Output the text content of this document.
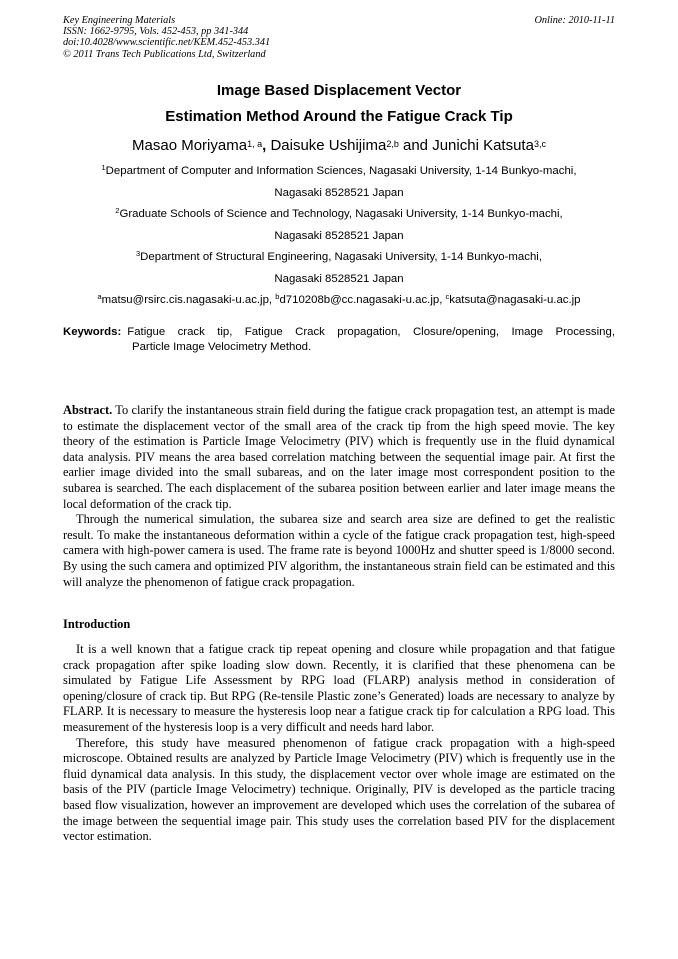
Key Engineering Materials
ISSN: 1662-9795, Vols. 452-453, pp 341-344
doi:10.4028/www.scientific.net/KEM.452-453.341
© 2011 Trans Tech Publications Ltd, Switzerland
Online: 2010-11-11
Image Based Displacement Vector
Estimation Method Around the Fatigue Crack Tip
Masao Moriyama$^{1, a}$, Daisuke Ushijima$^{2,b}$ and Junichi Katsuta$^{3,c}$
$^1$Department of Computer and Information Sciences, Nagasaki University, 1-14 Bunkyo-machi,
Nagasaki 8528521 Japan
$^2$Graduate Schools of Science and Technology, Nagasaki University, 1-14 Bunkyo-machi,
Nagasaki 8528521 Japan
$^3$Department of Structural Engineering, Nagasaki University, 1-14 Bunkyo-machi,
Nagasaki 8528521 Japan
$^a$matsu@rsirc.cis.nagasaki-u.ac.jp, $^b$d710208b@cc.nagasaki-u.ac.jp, $^c$katsuta@nagasaki-u.ac.jp
Keywords: Fatigue crack tip, Fatigue Crack propagation, Closure/opening, Image Processing,
Particle Image Velocimetry Method.

Abstract. To clarify the instantaneous strain field during the fatigue crack propagation test, an attempt is made to estimate the displacement vector of the small area of the crack tip from the high speed movie. The key theory of the estimation is Particle Image Velocimetry (PIV) which is frequently use in the fluid dynamical data analysis. PIV means the area based correlation matching between the sequential image pair. At first the earlier image divided into the small subareas, and on the later image most correspondent position to the subarea is searched. The each displacement of the subarea position between earlier and later image means the local deformation of the crack tip.

Through the numerical simulation, the subarea size and search area size are defined to get the realistic result. To make the instantaneous deformation within a cycle of the fatigue crack propagation test, high-speed camera with high-power camera is used. The frame rate is beyond 1000Hz and shutter speed is 1/8000 second. By using the such camera and optimized PIV algorithm, the instantaneous strain field can be estimated and this will analyze the phenomenon of fatigue crack propagation.

Introduction

It is a well known that a fatigue crack tip repeat opening and closure while propagation and that fatigue crack propagation after spike loading slow down. Recently, it is clarified that these phenomena can be simulated by Fatigue Life Assessment by RPG load (FLARP) analysis method in consideration of opening/closure of crack tip. But RPG (Re-tensile Plastic zone’s Generated) loads are necessary to analyze by FLARP. It is necessary to measure the hysteresis loop near a fatigue crack tip for calculation a RPG load. This measurement of the hysteresis loop is a very difficult and needs hard labor.

Therefore, this study have measured phenomenon of fatigue crack propagation with a high-speed microscope. Obtained results are analyzed by Particle Image Velocimetry (PIV) which is frequently use in the fluid dynamical data analysis. In this study, the displacement vector over whole image are estimated on the basis of the PIV (particle Image Velocimetry) technique. Originally, PIV is developed as the particle tracing based flow visualization, however an improvement are developed which uses the correlation of the subarea of the image between the sequential image pair. This study uses the correlation based PIV for the displacement vector estimation.
